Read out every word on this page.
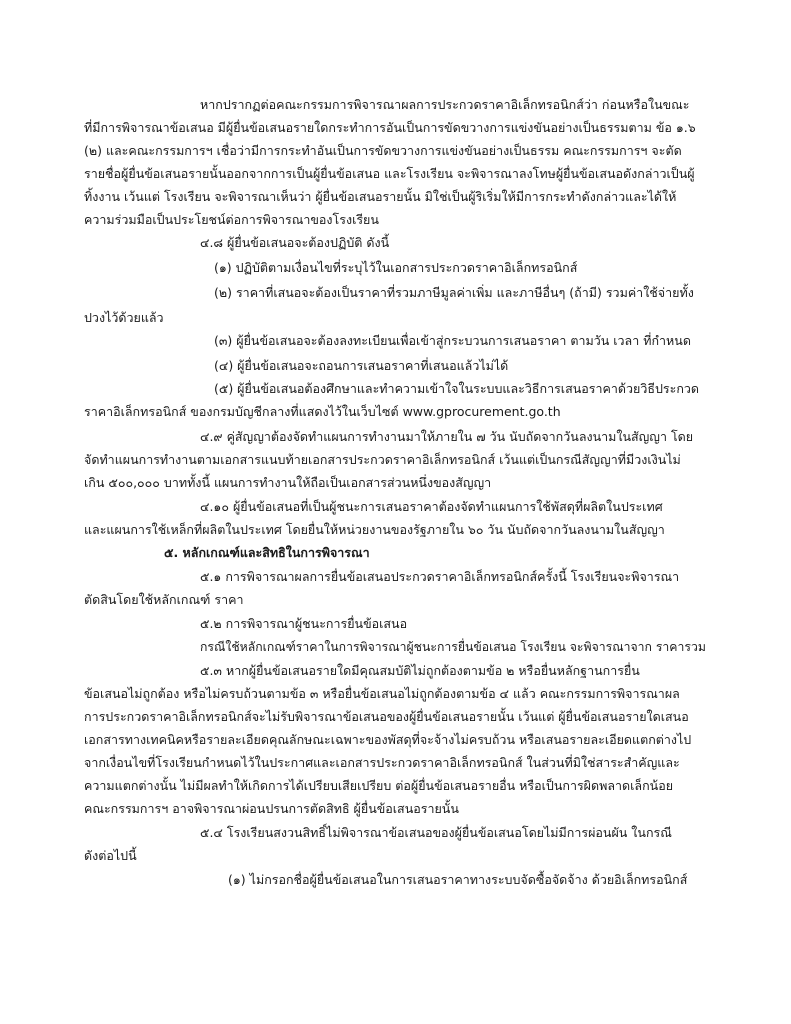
หากปรากฏต่อคณะกรรมการพิจารณาผลการประกวดราคาอิเล็กทรอนิกส์ว่า ก่อนหรือในขณะ
ที่มีการพิจารณาข้อเสนอ มีผู้ยื่นข้อเสนอรายใดกระทำการอันเป็นการขัดขวางการแข่งขันอย่างเป็นธรรมตาม ข้อ ๑.๖
(๒) และคณะกรรมการฯ เชื่อว่ามีการกระทำอันเป็นการขัดขวางการแข่งขันอย่างเป็นธรรม คณะกรรมการฯ จะตัด
รายชื่อผู้ยื่นข้อเสนอรายนั้นออกจากการเป็นผู้ยื่นข้อเสนอ และโรงเรียน จะพิจารณาลงโทษผู้ยื่นข้อเสนอดังกล่าวเป็นผู้
ทิ้งงาน เว้นแต่ โรงเรียน จะพิจารณาเห็นว่า ผู้ยื่นข้อเสนอรายนั้น มิใช่เป็นผู้ริเริ่มให้มีการกระทำดังกล่าวและได้ให้
ความร่วมมือเป็นประโยชน์ต่อการพิจารณาของโรงเรียน
๔.๘ ผู้ยื่นข้อเสนอจะต้องปฏิบัติ ดังนี้
(๑) ปฏิบัติตามเงื่อนไขที่ระบุไว้ในเอกสารประกวดราคาอิเล็กทรอนิกส์
(๒) ราคาที่เสนอจะต้องเป็นราคาที่รวมภาษีมูลค่าเพิ่ม และภาษีอื่นๆ (ถ้ามี) รวมค่าใช้จ่ายทั้ง
ปวงไว้ด้วยแล้ว
(๓) ผู้ยื่นข้อเสนอจะต้องลงทะเบียนเพื่อเข้าสู่กระบวนการเสนอราคา ตามวัน เวลา ที่กำหนด
(๔) ผู้ยื่นข้อเสนอจะถอนการเสนอราคาที่เสนอแล้วไม่ได้
(๕) ผู้ยื่นข้อเสนอต้องศึกษาและทำความเข้าใจในระบบและวิธีการเสนอราคาด้วยวิธีประกวด
ราคาอิเล็กทรอนิกส์ ของกรมบัญชีกลางที่แสดงไว้ในเว็บไซต์ www.gprocurement.go.th
๔.๙ คู่สัญญาต้องจัดทำแผนการทำงานมาให้ภายใน ๗ วัน นับถัดจากวันลงนามในสัญญา โดย
จัดทำแผนการทำงานตามเอกสารแนบท้ายเอกสารประกวดราคาอิเล็กทรอนิกส์ เว้นแต่เป็นกรณีสัญญาที่มีวงเงินไม่
เกิน ๕๐๐,๐๐๐ บาททั้งนี้ แผนการทำงานให้ถือเป็นเอกสารส่วนหนึ่งของสัญญา
๔.๑๐ ผู้ยื่นข้อเสนอที่เป็นผู้ชนะการเสนอราคาต้องจัดทำแผนการใช้พัสดุที่ผลิตในประเทศ
และแผนการใช้เหล็กที่ผลิตในประเทศ โดยยื่นให้หน่วยงานของรัฐภายใน ๖๐ วัน นับถัดจากวันลงนามในสัญญา
๕. หลักเกณฑ์และสิทธิในการพิจารณา
๕.๑ การพิจารณาผลการยื่นข้อเสนอประกวดราคาอิเล็กทรอนิกส์ครั้งนี้ โรงเรียนจะพิจารณา
ตัดสินโดยใช้หลักเกณฑ์ ราคา
๕.๒ การพิจารณาผู้ชนะการยื่นข้อเสนอ
กรณีใช้หลักเกณฑ์ราคาในการพิจารณาผู้ชนะการยื่นข้อเสนอ โรงเรียน จะพิจารณาจาก ราคารวม
๕.๓ หากผู้ยื่นข้อเสนอรายใดมีคุณสมบัติไม่ถูกต้องตามข้อ ๒ หรือยื่นหลักฐานการยื่น
ข้อเสนอไม่ถูกต้อง หรือไม่ครบถ้วนตามข้อ ๓ หรือยื่นข้อเสนอไม่ถูกต้องตามข้อ ๔ แล้ว คณะกรรมการพิจารณาผล
การประกวดราคาอิเล็กทรอนิกส์จะไม่รับพิจารณาข้อเสนอของผู้ยื่นข้อเสนอรายนั้น เว้นแต่ ผู้ยื่นข้อเสนอรายใดเสนอ
เอกสารทางเทคนิคหรือรายละเอียดคุณลักษณะเฉพาะของพัสดุที่จะจ้างไม่ครบถ้วน หรือเสนอรายละเอียดแตกต่างไป
จากเงื่อนไขที่โรงเรียนกำหนดไว้ในประกาศและเอกสารประกวดราคาอิเล็กทรอนิกส์ ในส่วนที่มิใช่สาระสำคัญและ
ความแตกต่างนั้น ไม่มีผลทำให้เกิดการได้เปรียบเสียเปรียบ ต่อผู้ยื่นข้อเสนอรายอื่น หรือเป็นการผิดพลาดเล็กน้อย
คณะกรรมการฯ อาจพิจารณาผ่อนปรนการตัดสิทธิ ผู้ยื่นข้อเสนอรายนั้น
๕.๔ โรงเรียนสงวนสิทธิ์ไม่พิจารณาข้อเสนอของผู้ยื่นข้อเสนอโดยไม่มีการผ่อนผัน ในกรณี
ดังต่อไปนี้
(๑) ไม่กรอกชื่อผู้ยื่นข้อเสนอในการเสนอราคาทางระบบจัดซื้อจัดจ้าง ด้วยอิเล็กทรอนิกส์
